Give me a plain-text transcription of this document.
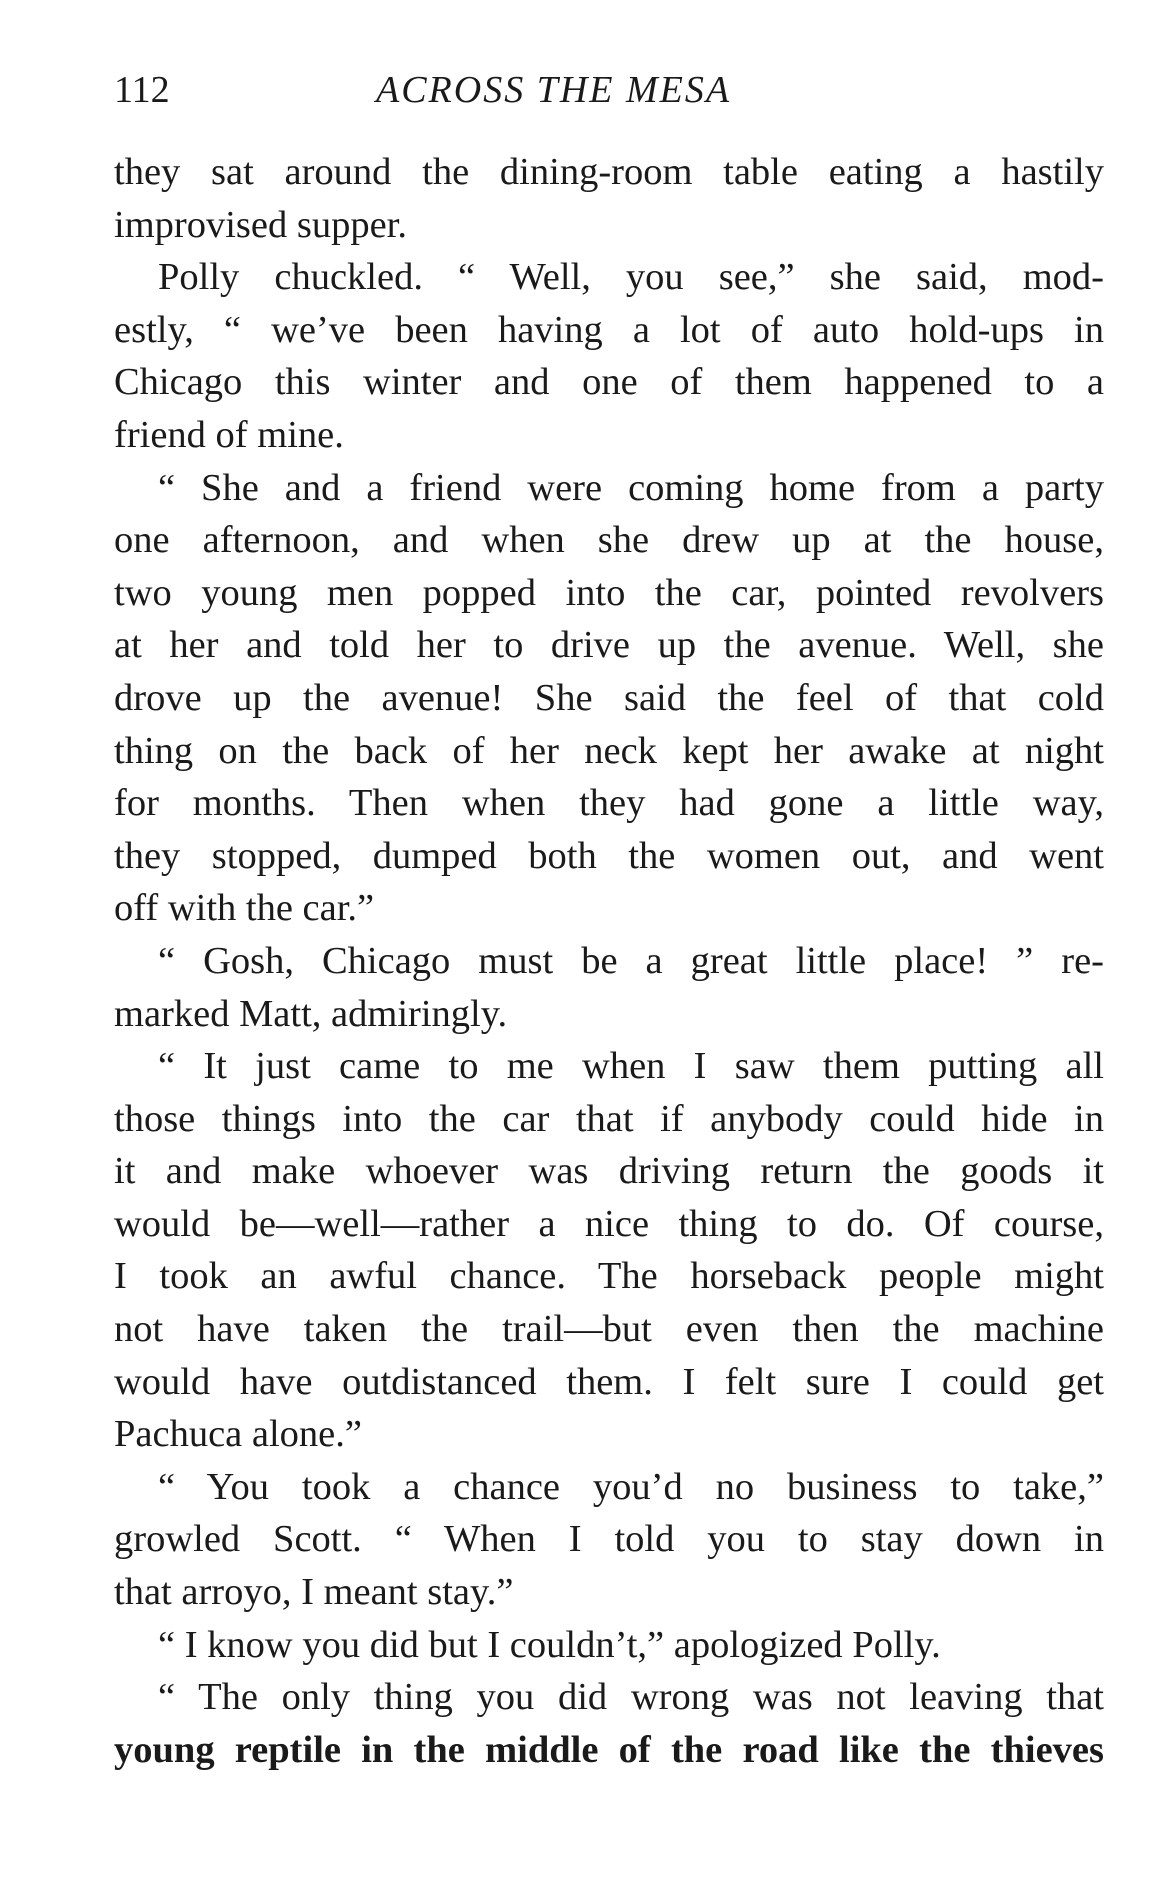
112	ACROSS THE MESA
they sat around the dining-room table eating a hastily
improvised supper.
Polly chuckled. “ Well, you see,” she said, mod-
estly, “ we’ve been having a lot of auto hold-ups in
Chicago this winter and one of them happened to a
friend of mine.
“ She and a friend were coming home from a party
one afternoon, and when she drew up at the house,
two young men popped into the car, pointed revolvers
at her and told her to drive up the avenue. Well, she
drove up the avenue! She said the feel of that cold
thing on the back of her neck kept her awake at night
for months. Then when they had gone a little way,
they stopped, dumped both the women out, and went
off with the car.”
“ Gosh, Chicago must be a great little place! ” re-
marked Matt, admiringly.
“ It just came to me when I saw them putting all
those things into the car that if anybody could hide in
it and make whoever was driving return the goods it
would be—well—rather a nice thing to do. Of course,
I took an awful chance. The horseback people might
not have taken the trail—but even then the machine
would have outdistanced them. I felt sure I could get
Pachuca alone.”
“ You took a chance you’d no business to take,”
growled Scott. “ When I told you to stay down in
that arroyo, I meant stay.”
“ I know you did but I couldn’t,” apologized Polly.
“ The only thing you did wrong was not leaving that
young reptile in the middle of the road like the thieves
